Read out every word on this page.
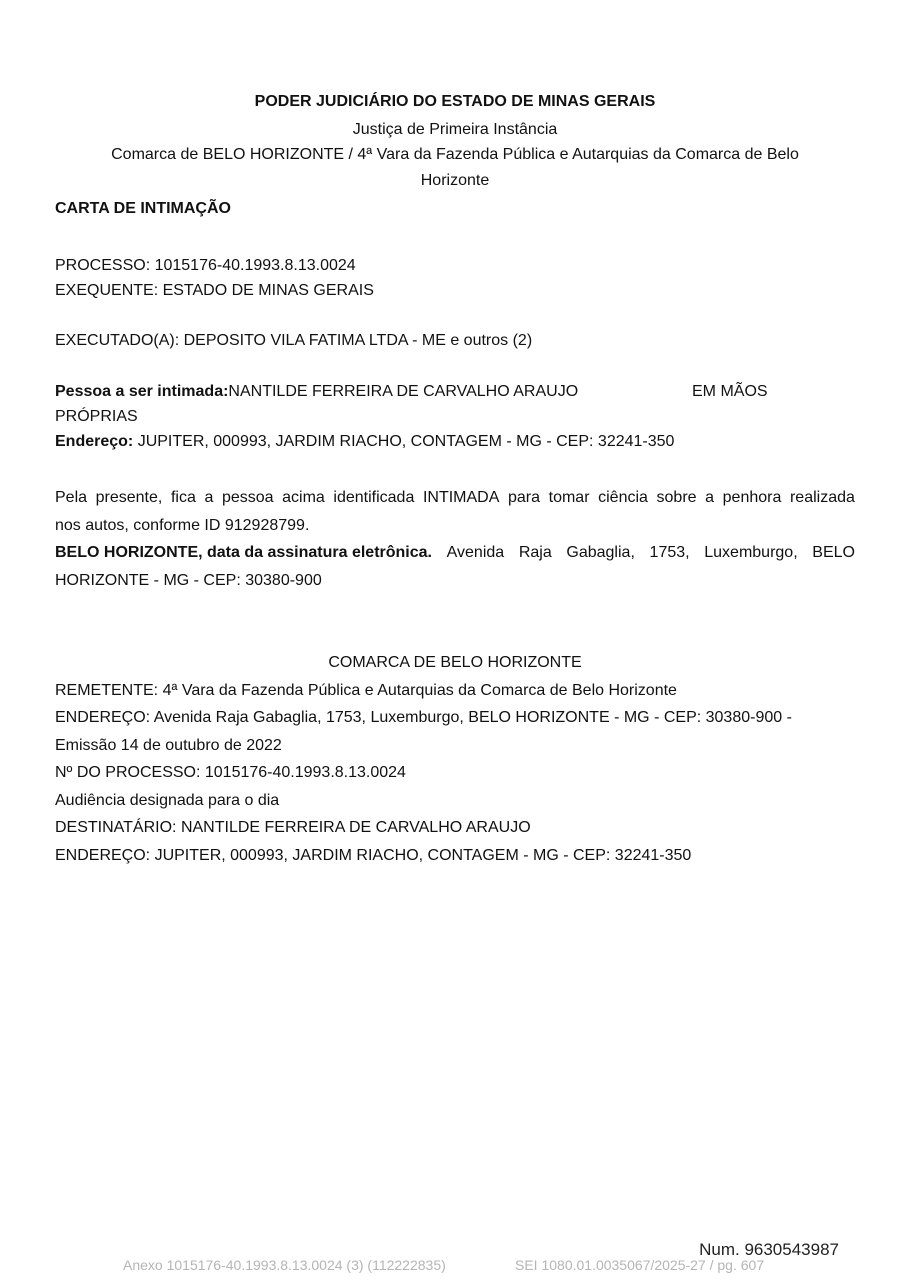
PODER JUDICIÁRIO DO ESTADO DE MINAS GERAIS
Justiça de Primeira Instância
Comarca de BELO HORIZONTE / 4ª Vara da Fazenda Pública e Autarquias da Comarca de Belo
Horizonte
CARTA DE INTIMAÇÃO
PROCESSO: 1015176-40.1993.8.13.0024
EXEQUENTE: ESTADO DE MINAS GERAIS
EXECUTADO(A): DEPOSITO VILA FATIMA LTDA - ME e outros (2)
Pessoa a ser intimada:NANTILDE FERREIRA DE CARVALHO ARAUJO	EM MÃOS
PRÓPRIAS
Endereço: JUPITER, 000993, JARDIM RIACHO, CONTAGEM - MG - CEP: 32241-350
Pela presente, fica a pessoa acima identificada INTIMADA para tomar ciência sobre a penhora realizada
nos autos, conforme ID 912928799.
BELO HORIZONTE, data da assinatura eletrônica. Avenida Raja Gabaglia, 1753, Luxemburgo, BELO
HORIZONTE - MG - CEP: 30380-900
COMARCA DE BELO HORIZONTE
REMETENTE: 4ª Vara da Fazenda Pública e Autarquias da Comarca de Belo Horizonte
ENDEREÇO: Avenida Raja Gabaglia, 1753, Luxemburgo, BELO HORIZONTE - MG - CEP: 30380-900 -
Emissão 14 de outubro de 2022
Nº DO PROCESSO: 1015176-40.1993.8.13.0024
Audiência designada para o dia
DESTINATÁRIO: NANTILDE FERREIRA DE CARVALHO ARAUJO
ENDEREÇO: JUPITER, 000993, JARDIM RIACHO, CONTAGEM - MG - CEP: 32241-350
Num. 9630543987
Anexo 1015176-40.1993.8.13.0024 (3) (112222835)	SEI 1080.01.0035067/2025-27 / pg. 607
